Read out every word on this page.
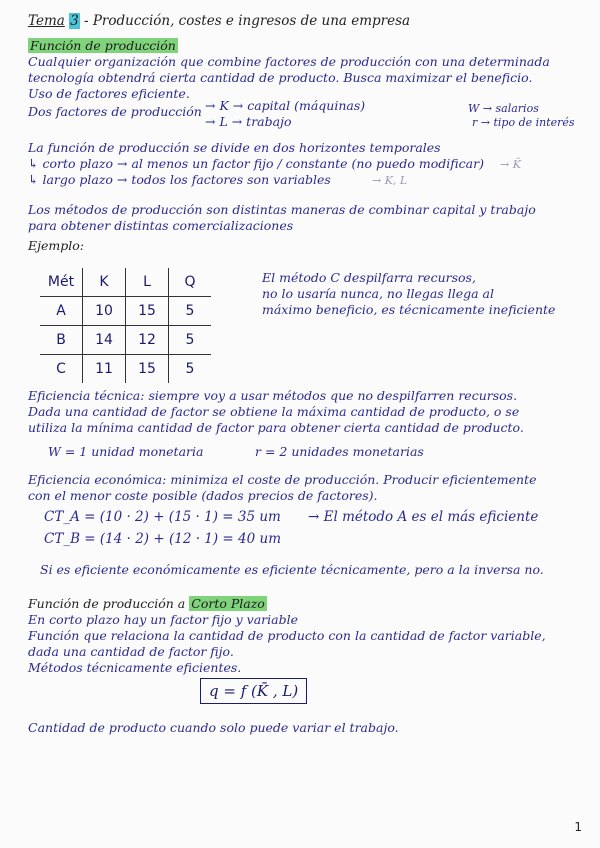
Tema 3 - Producción, costes e ingresos de una empresa
Función de producción
Cualquier organización que combine factores de producción con una determinada
tecnología obtendrá cierta cantidad de producto. Busca maximizar el beneficio.
Uso de factores eficiente.
Dos factores de producción → K → capital (máquinas)
→ L → trabajo
W → salarios
r → tipo de interés
La función de producción se divide en dos horizontes temporales
↳ corto plazo → al menos un factor fijo / constante (no puedo modificar) → K̄
↳ largo plazo → todos los factores son variables	→ K, L
Los métodos de producción son distintas maneras de combinar capital y trabajo
para obtener distintas comercializaciones
Ejemplo:
Mét	K	L	Q
A	10	15	5
B	14	12	5
C	11	15	5
El método C despilfarra recursos,
no lo usaría nunca, no llegas llega al
máximo beneficio, es técnicamente ineficiente
Eficiencia técnica: siempre voy a usar métodos que no despilfarren recursos.
Dada una cantidad de factor se obtiene la máxima cantidad de producto, o se
utiliza la mínima cantidad de factor para obtener cierta cantidad de producto.
W = 1 unidad monetaria	r = 2 unidades monetarias
Eficiencia económica: minimiza el coste de producción. Producir eficientemente
con el menor coste posible (dados precios de factores).
CT_A = (10 · 2) + (15 · 1) = 35 um → El método A es el más eficiente
CT_B = (14 · 2) + (12 · 1) = 40 um
Si es eficiente económicamente es eficiente técnicamente, pero a la inversa no.
Función de producción a Corto Plazo
En corto plazo hay un factor fijo y variable
Función que relaciona la cantidad de producto con la cantidad de factor variable,
dada una cantidad de factor fijo.
Métodos técnicamente eficientes.
q = f (K̄ , L)
Cantidad de producto cuando solo puede variar el trabajo.
1
